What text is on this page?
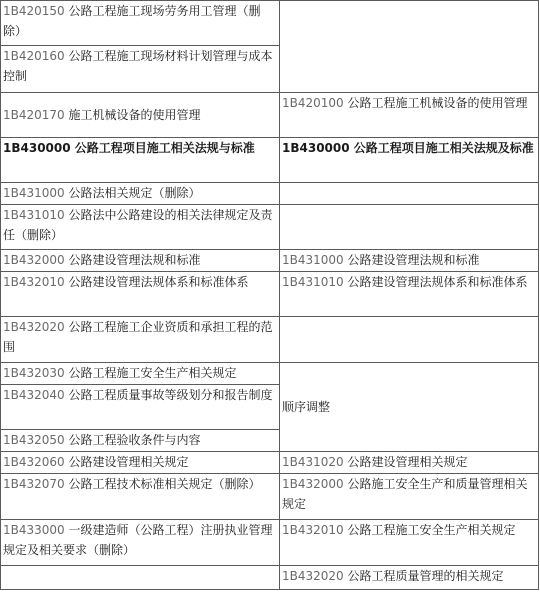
1B420150 公路工程施工现场劳务用工管理（删除）	
1B420160 公路工程施工现场材料计划管理与成本控制	
1B420170 施工机械设备的使用管理	1B420100 公路工程施工机械设备的使用管理
1B430000 公路工程项目施工相关法规与标准	1B430000 公路工程项目施工相关法规及标准
1B431000 公路法相关规定（删除）	
1B431010 公路法中公路建设的相关法律规定及责任（删除）	
1B432000 公路建设管理法规和标准	1B431000 公路建设管理法规和标准
1B432010 公路建设管理法规体系和标准体系	1B431010 公路建设管理法规体系和标准体系
1B432020 公路工程施工企业资质和承担工程的范围	
1B432030 公路工程施工安全生产相关规定	顺序调整
1B432040 公路工程质量事故等级划分和报告制度	
1B432050 公路工程验收条件与内容	
1B432060 公路建设管理相关规定	1B431020 公路建设管理相关规定
1B432070 公路工程技术标准相关规定（删除）	1B432000 公路施工安全生产和质量管理相关规定
1B433000 一级建造师（公路工程）注册执业管理规定及相关要求（删除）	1B432010 公路工程施工安全生产相关规定
	1B432020 公路工程质量管理的相关规定
